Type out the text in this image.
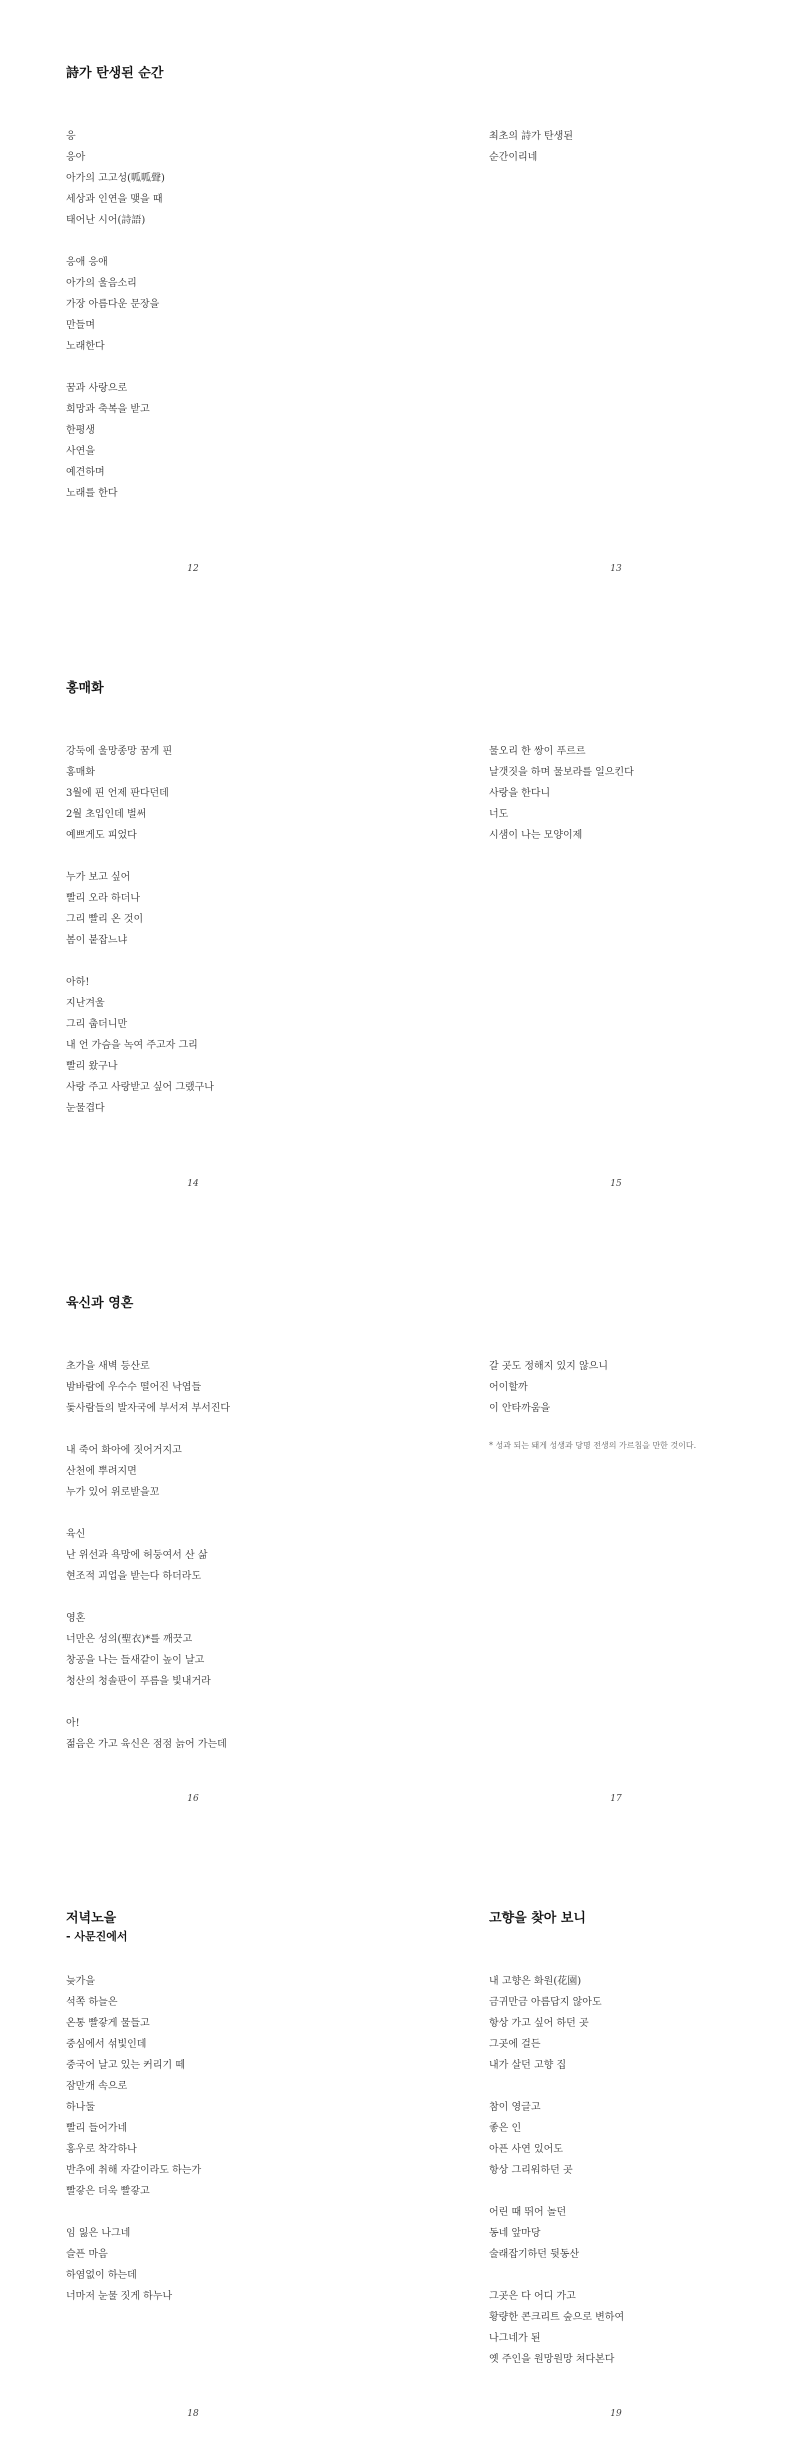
詩가 탄생된 순간
응
응아
아가의 고고성(呱呱聲)
세상과 인연을 맺을 때
태어난 시어(詩語)
응애 응애
아가의 울음소리
가장 아름다운 문장을
만들며
노래한다
꿈과 사랑으로
희망과 축복을 받고
한평생
사연을
예견하며
노래를 한다
12
최초의 詩가 탄생된
순간이리네
13
홍매화
강둑에 울망종망 꿈게 핀
홍매화
3월에 핀 언제 판다던데
2월 초입인데 벌써
예쁘게도 피었다
누가 보고 싶어
빨리 오라 하더나
그리 빨리 온 것이
봄이 붙잡느냐
아하!
지난겨울
그리 춥더니만
내 언 가슴을 녹여 주고자 그리
빨리 왔구나
사랑 주고 사랑받고 싶어 그랬구나
눈물겹다
14
물오리 한 쌍이 푸르르
날갯짓을 하며 물보라를 일으킨다
사랑을 한다니
너도
시샘이 나는 모양이제
15
육신과 영혼
초가을 새벽 등산로
밤바람에 우수수 떨어진 낙엽들
돛사람들의 발자국에 부서져 부서진다
내 죽어 화아에 짓어거지고
산천에 뿌려지면
누가 있어 위로받을꼬
육신
난 위선과 욕망에 허둥여서 산 삶
현조적 괴업을 받는다 하더라도
영혼
너만은 성의(聖衣)*를 깨끗고
창공을 나는 들새같이 높이 날고
청산의 청솔판이 푸름을 빛내거라
아!
젊음은 가고 육신은 점점 늙어 가는데
16
갈 곳도 정해지 있지 않으니
어이할까
이 안타까움을
* 성과 되는 돼게 성생과 당명 전생의 가르침을 만한 것이다.
17
저녁노을
- 사문진에서
늦가을
석쪽 하늘은
온통 빨갛게 물들고
중심에서 섞빛인데
중국어 날고 있는 커리기 떼
잠만개 속으로
하나둘
빨리 들어가네
홍우로 착각하나
반추에 취해 자갈이라도 하는가
빨갛은 더욱 빨갛고
임 잃은 나그네
슬픈 마음
하염없이 하는데
너마저 눈물 짓게 하누나
18
고향을 찾아 보니
내 고향은 화원(花園)
금귀만금 아름답지 않아도
항상 가고 싶어 하던 곳
그곳에 걸든
내가 살던 고향 집
참이 영글고
좋은 인
아픈 사연 있어도
항상 그리워하던 곳
어린 때 뛰어 놀던
동네 앞마당
술래잡기하던 뒷동산
그곳은 다 어디 가고
황량한 콘크리트 숲으로 변하여
나그네가 된
옛 주인을 원망원망 쳐다본다
19
